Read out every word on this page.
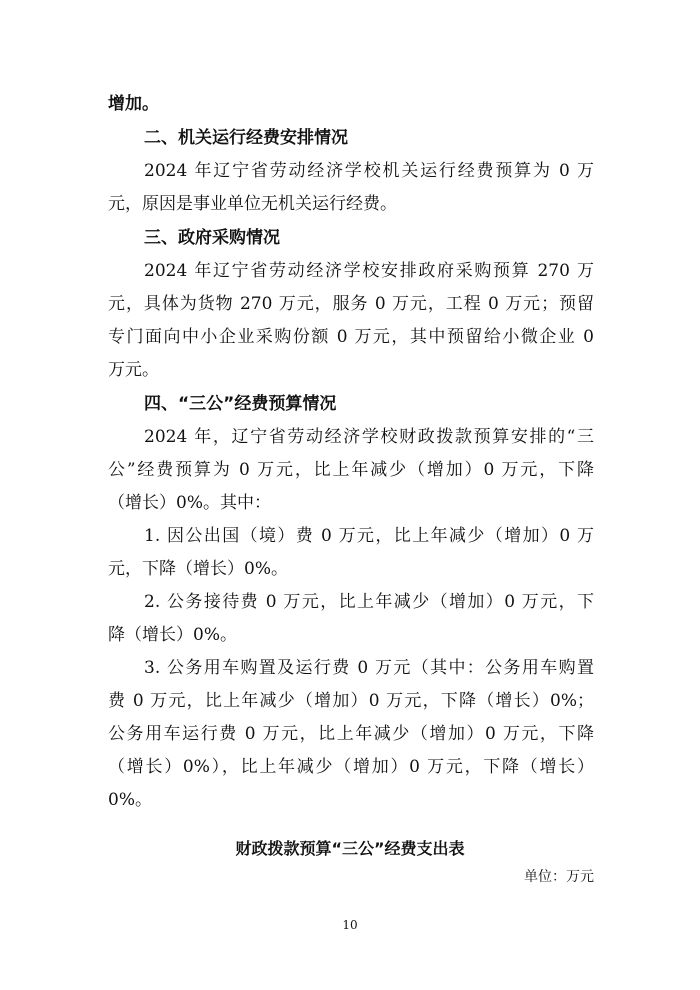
增加。
二、机关运行经费安排情况
2024 年辽宁省劳动经济学校机关运行经费预算为 0 万
元，原因是事业单位无机关运行经费。
三、政府采购情况
2024 年辽宁省劳动经济学校安排政府采购预算 270 万
元，具体为货物 270 万元，服务 0 万元，工程 0 万元；预留
专门面向中小企业采购份额 0 万元，其中预留给小微企业 0
万元。
四、“三公”经费预算情况
2024 年，辽宁省劳动经济学校财政拨款预算安排的“三
公”经费预算为 0 万元，比上年减少（增加）0 万元，下降
（增长）0%。其中：
1. 因公出国（境）费 0 万元，比上年减少（增加）0 万
元，下降（增长）0%。
2. 公务接待费 0 万元，比上年减少（增加）0 万元，下
降（增长）0%。
3. 公务用车购置及运行费 0 万元（其中：公务用车购置
费 0 万元，比上年减少（增加）0 万元，下降（增长）0%；
公务用车运行费 0 万元，比上年减少（增加）0 万元，下降
（增长）0%），比上年减少（增加）0 万元，下降（增长）
0%。
财政拨款预算“三公”经费支出表
单位：万元
10
